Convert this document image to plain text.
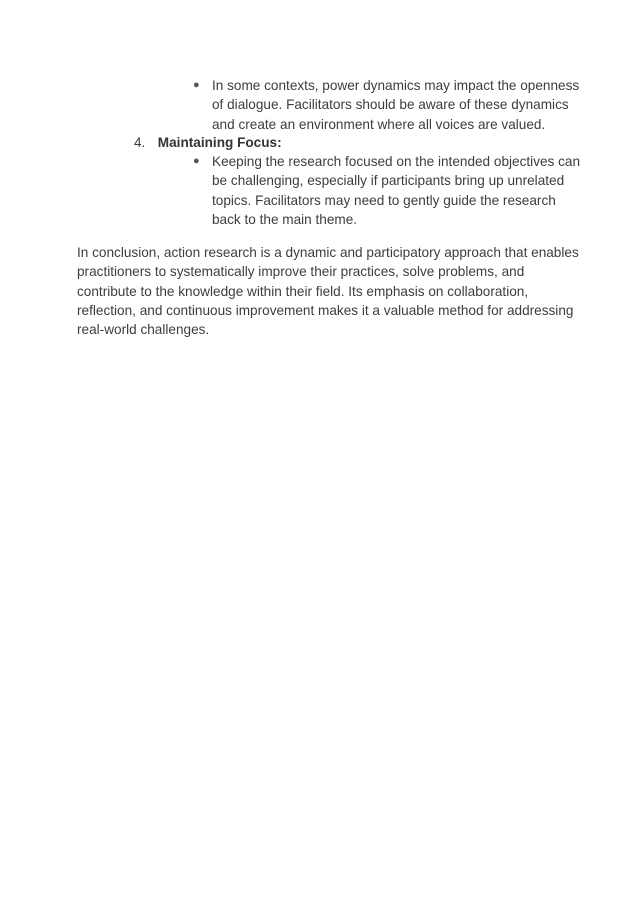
● In some contexts, power dynamics may impact the openness
of dialogue. Facilitators should be aware of these dynamics
and create an environment where all voices are valued.
4. Maintaining Focus:
● Keeping the research focused on the intended objectives can
be challenging, especially if participants bring up unrelated
topics. Facilitators may need to gently guide the research
back to the main theme.
In conclusion, action research is a dynamic and participatory approach that enables
practitioners to systematically improve their practices, solve problems, and
contribute to the knowledge within their field. Its emphasis on collaboration,
reflection, and continuous improvement makes it a valuable method for addressing
real-world challenges.
